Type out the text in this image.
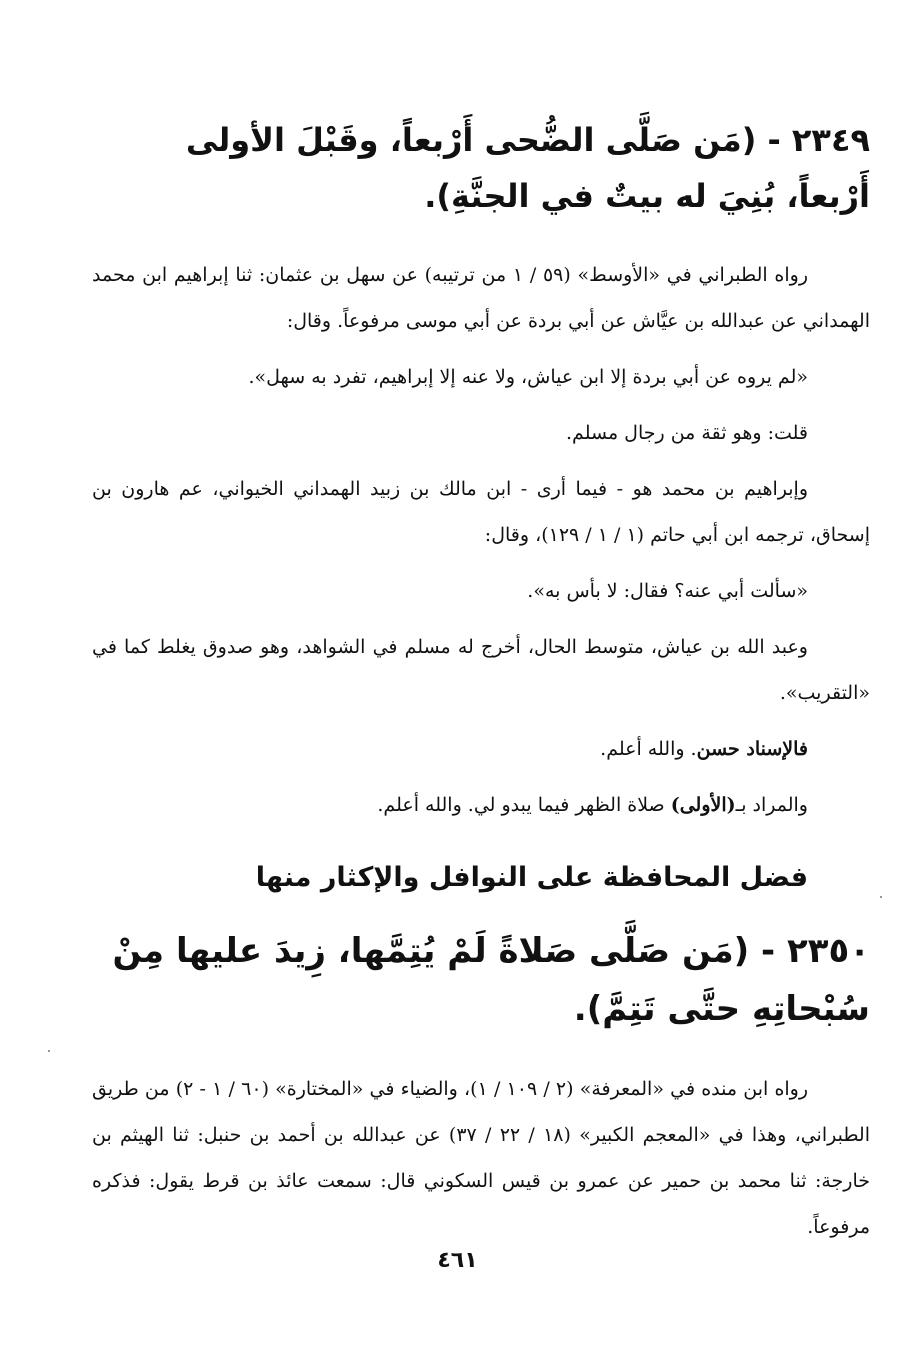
٢٣٤٩ - (مَن صَلَّى الضُّحى أَرْبعاً، وقَبْلَ الأولى أَرْبعاً، بُنِيَ له بيتٌ في الجنَّةِ).

رواه الطبراني في «الأوسط» (٥٩ / ١ من ترتيبه) عن سهل بن عثمان: ثنا إبراهيم ابن محمد الهمداني عن عبدالله بن عيَّاش عن أبي بردة عن أبي موسى مرفوعاً. وقال:

«لم يروه عن أبي بردة إلا ابن عياش، ولا عنه إلا إبراهيم، تفرد به سهل».

قلت: وهو ثقة من رجال مسلم.

وإبراهيم بن محمد هو - فيما أرى - ابن مالك بن زبيد الهمداني الخيواني، عم هارون بن إسحاق، ترجمه ابن أبي حاتم (١ / ١ / ١٢٩)، وقال:

«سألت أبي عنه؟ فقال: لا بأس به».

وعبد الله بن عياش، متوسط الحال، أخرج له مسلم في الشواهد، وهو صدوق يغلط كما في «التقريب».

فالإسناد حسن. والله أعلم.

والمراد بـ(الأولى) صلاة الظهر فيما يبدو لي. والله أعلم.

فضل المحافظة على النوافل والإكثار منها
٢٣٥٠ - (مَن صَلَّى صَلاةً لَمْ يُتِمَّها، زِيدَ عليها مِنْ سُبْحاتِهِ حتَّى تَتِمَّ).

رواه ابن منده في «المعرفة» (٢ / ١٠٩ / ١)، والضياء في «المختارة» (٦٠ / ١ - ٢) من طريق الطبراني، وهذا في «المعجم الكبير» (١٨ / ٢٢ / ٣٧) عن عبدالله بن أحمد بن حنبل: ثنا الهيثم بن خارجة: ثنا محمد بن حمير عن عمرو بن قيس السكوني قال: سمعت عائذ بن قرط يقول: فذكره مرفوعاً.

٤٦١
